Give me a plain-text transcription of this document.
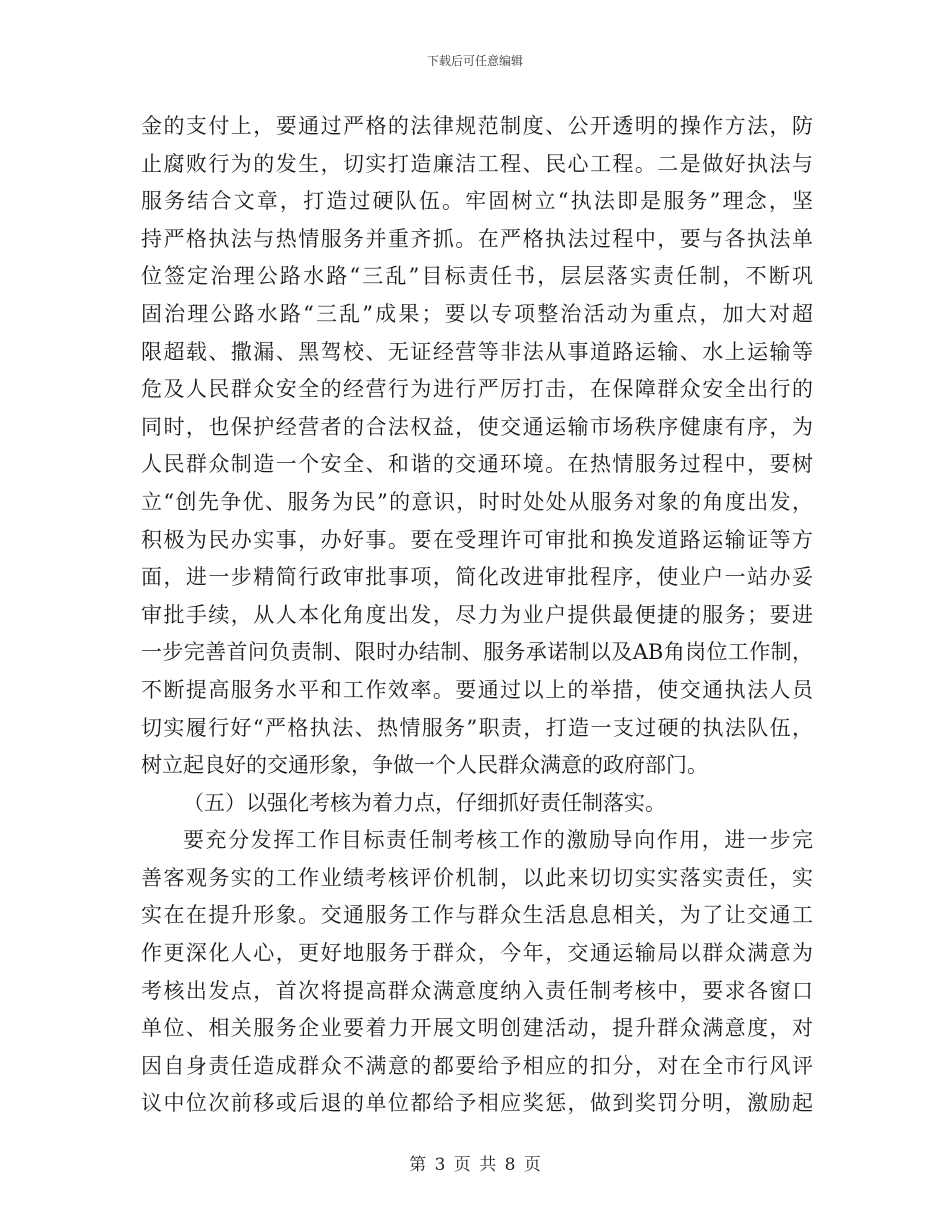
下载后可任意编辑
金的支付上，要通过严格的法律规范制度、公开透明的操作方法，防
止腐败行为的发生，切实打造廉洁工程、民心工程。二是做好执法与
服务结合文章，打造过硬队伍。牢固树立“执法即是服务”理念，坚
持严格执法与热情服务并重齐抓。在严格执法过程中，要与各执法单
位签定治理公路水路“三乱”目标责任书，层层落实责任制，不断巩
固治理公路水路“三乱”成果；要以专项整治活动为重点，加大对超
限超载、撒漏、黑驾校、无证经营等非法从事道路运输、水上运输等
危及人民群众安全的经营行为进行严厉打击，在保障群众安全出行的
同时，也保护经营者的合法权益，使交通运输市场秩序健康有序，为
人民群众制造一个安全、和谐的交通环境。在热情服务过程中，要树
立“创先争优、服务为民”的意识，时时处处从服务对象的角度出发，
积极为民办实事，办好事。要在受理许可审批和换发道路运输证等方
面，进一步精简行政审批事项，简化改进审批程序，使业户一站办妥
审批手续，从人本化角度出发，尽力为业户提供最便捷的服务；要进
一步完善首问负责制、限时办结制、服务承诺制以及AB角岗位工作制，
不断提高服务水平和工作效率。要通过以上的举措，使交通执法人员
切实履行好“严格执法、热情服务”职责，打造一支过硬的执法队伍，
树立起良好的交通形象，争做一个人民群众满意的政府部门。
（五）以强化考核为着力点，仔细抓好责任制落实。
要充分发挥工作目标责任制考核工作的激励导向作用，进一步完
善客观务实的工作业绩考核评价机制，以此来切切实实落实责任，实
实在在提升形象。交通服务工作与群众生活息息相关，为了让交通工
作更深化人心，更好地服务于群众，今年，交通运输局以群众满意为
考核出发点，首次将提高群众满意度纳入责任制考核中，要求各窗口
单位、相关服务企业要着力开展文明创建活动，提升群众满意度，对
因自身责任造成群众不满意的都要给予相应的扣分，对在全市行风评
议中位次前移或后退的单位都给予相应奖惩，做到奖罚分明，激励起
第 3 页 共 8 页
